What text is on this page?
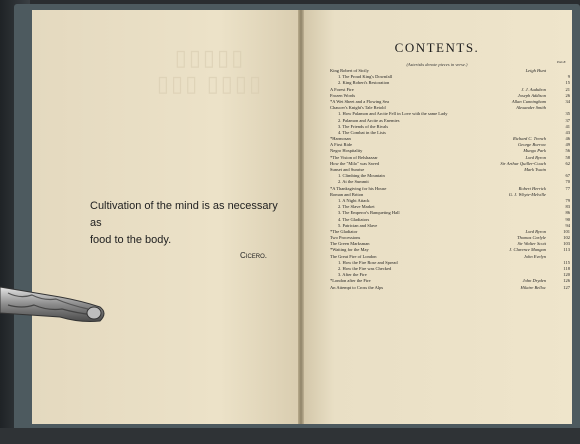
▯▯▯▯▯
▯▯▯ ▯▯▯▯
Cultivation of the mind is as necessary as
food to the body.
Cicero.
CONTENTS.
(Asterisks denote pieces in verse.)	PAGE
King Robert of Sicily	Leigh Hunt
1. The Proud King's Downfall	9
2. King Robert's Restoration	15
A Forest Fire	J. J. Audubon	21
Frozen Words	Joseph Addison	26
*A Wet Sheet and a Flowing Sea	Allan Cunningham	34
Chaucer's Knight's Tale Retold	Alexander Smith
1. How Palamon and Arcite Fell in Love with the same Lady	35
2. Palamon and Arcite as Enemies	37
3. The Friends of the Rivals	41
4. The Combat in the Lists	43
*Harmosan	Richard C. Trench	46
A First Ride	George Borrow	49
Negro Hospitality	Mungo Park	56
*The Vision of Belshazzar	Lord Byron	58
How the "Milo" was Saved	Sir Arthur Quiller-Couch	62
Sunset and Sunrise	Mark Twain
1. Climbing the Mountain	67
2. At the Summit	70
*A Thanksgiving for his House	Robert Herrick	77
Roman and Briton	G. J. Whyte-Melville
1. A Night Attack	79
2. The Slave Market	83
3. The Emperor's Banqueting Hall	86
4. The Gladiators	90
5. Patrician and Slave	94
*The Gladiator	Lord Byron	101
Two Processions	Thomas Carlyle	102
The Green Marksman	Sir Walter Scott	103
*Waiting for the May	J. Clarence Mangan	113
The Great Fire of London	John Evelyn
1. How the Fire Rose and Spread	115
2. How the Fire was Checked	118
3. After the Fire	120
*London after the Fire	John Dryden	126
An Attempt to Cross the Alps	Hilaire Belloc	127
